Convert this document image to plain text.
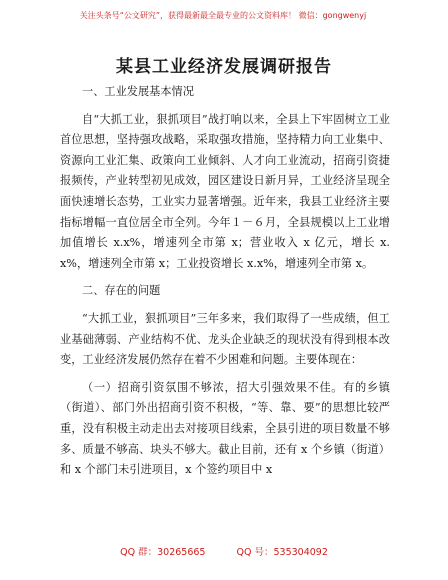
关注头条号“公文研究”，获得最新最全最专业的公文资料库！ 微信：gongwenyj
某县工业经济发展调研报告
一、工业发展基本情况
自“大抓工业，狠抓项目”战打响以来，全县上下牢固树立工业首位思想，坚持强攻战略，采取强攻措施，坚持精力向工业集中、资源向工业汇集、政策向工业倾斜、人才向工业流动，招商引资捷报频传，产业转型初见成效，园区建设日新月异，工业经济呈现全面快速增长态势，工业实力显著增强。近年来，我县工业经济主要指标增幅一直位居全市全列。今年１－６月，全县规模以上工业增加值增长 x.x%，增速列全市第 x；营业收入 x 亿元，增长 x.x%，增速列全市第 x；工业投资增长 x.x%，增速列全市第 x。
二、存在的问题
“大抓工业，狠抓项目”三年多来，我们取得了一些成绩，但工业基础薄弱、产业结构不优、龙头企业缺乏的现状没有得到根本改变，工业经济发展仍然存在着不少困难和问题。主要体现在：
（一）招商引资氛围不够浓，招大引强效果不佳。有的乡镇（街道）、部门外出招商引资不积极，“等、靠、要”的思想比较严重，没有积极主动走出去对接项目线索，全县引进的项目数量不够多、质量不够高、块头不够大。截止目前，还有 x 个乡镇（街道）和 x 个部门未引进项目，x 个签约项目中 x
QQ 群：30265665	QQ 号：535304092
